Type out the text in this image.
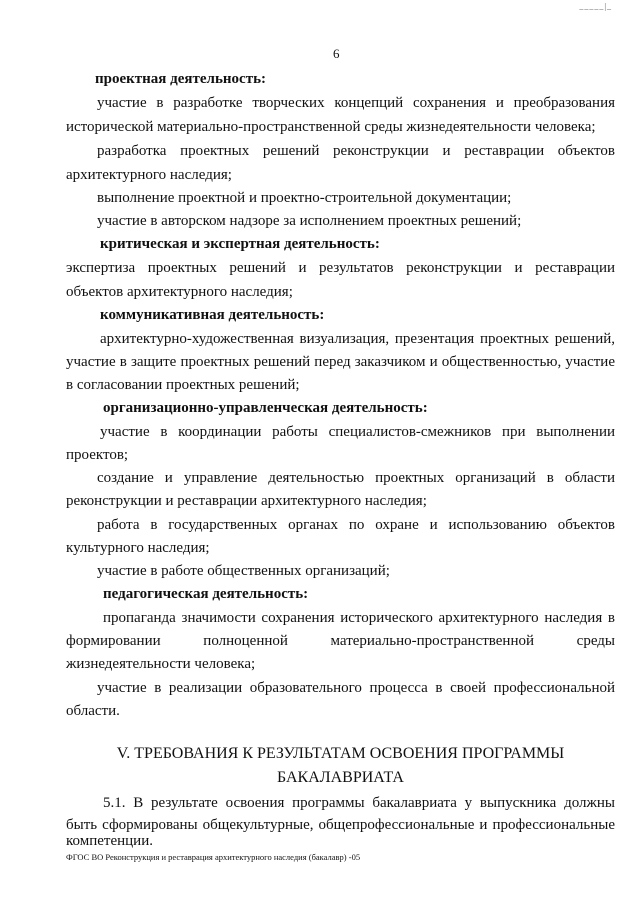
_____|_
6
проектная деятельность:
участие в разработке творческих концепций сохранения и преобразования
исторической материально-пространственной среды жизнедеятельности человека;
разработка проектных решений реконструкции и реставрации объектов
архитектурного наследия;
выполнение проектной и проектно-строительной документации;
участие в авторском надзоре за исполнением проектных решений;
критическая и экспертная деятельность:
экспертиза проектных решений и результатов реконструкции и реставрации
объектов архитектурного наследия;
коммуникативная деятельность:
архитектурно-художественная визуализация, презентация проектных решений,
участие в защите проектных решений перед заказчиком и общественностью, участие
в согласовании проектных решений;
организационно-управленческая деятельность:
участие в координации работы специалистов-смежников при выполнении
проектов;
создание и управление деятельностью проектных организаций в области
реконструкции и реставрации архитектурного наследия;
работа в государственных органах по охране и использованию объектов
культурного наследия;
участие в работе общественных организаций;
педагогическая деятельность:
пропаганда значимости сохранения исторического архитектурного наследия в
формировании полноценной материально-пространственной среды
жизнедеятельности человека;
участие в реализации образовательного процесса в своей профессиональной
области.
V. ТРЕБОВАНИЯ К РЕЗУЛЬТАТАМ ОСВОЕНИЯ ПРОГРАММЫ
БАКАЛАВРИАТА
5.1. В результате освоения программы бакалавриата у выпускника должны
быть сформированы общекультурные, общепрофессиональные и профессиональные
компетенции.
ФГОС ВО Реконструкция и реставрация архитектурного наследия (бакалавр) -05
